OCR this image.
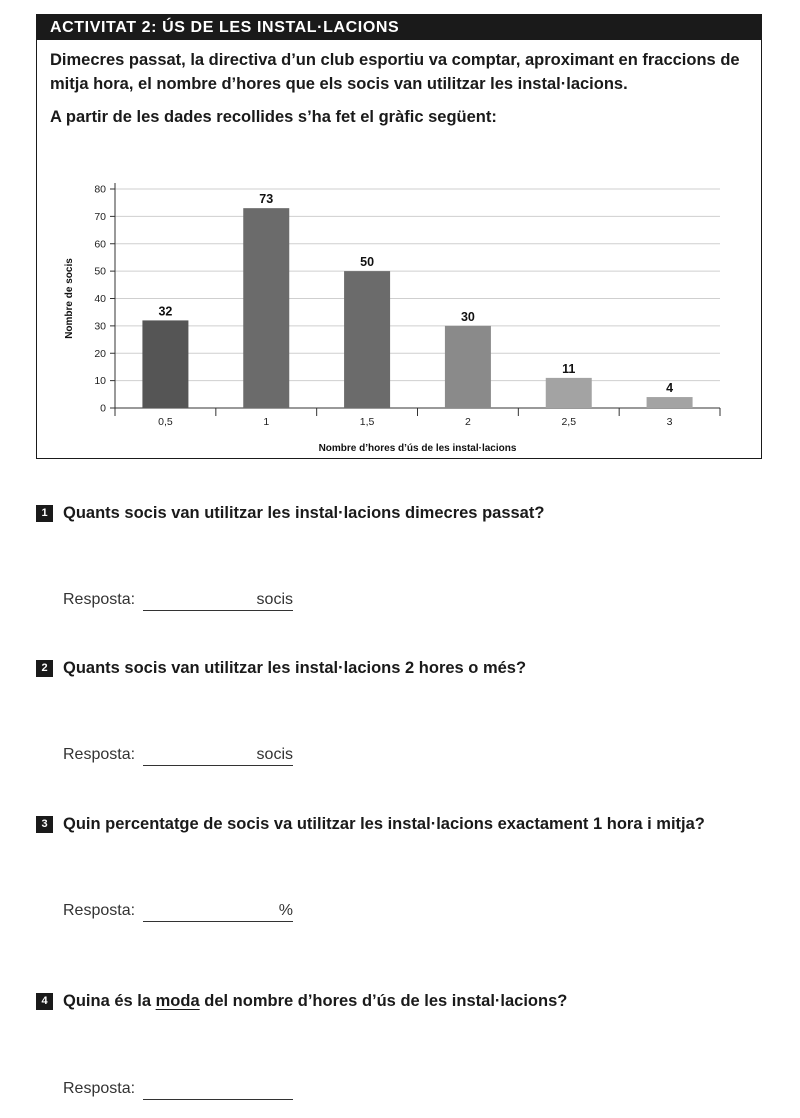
ACTIVITAT 2: ÚS DE LES INSTAL·LACIONS

Dimecres passat, la directiva d’un club esportiu va comptar, aproximant en fraccions de mitja hora, el nombre d’hores que els socis van utilitzar les instal·lacions.

A partir de les dades recollides s’ha fet el gràfic següent:

0
10
20
30
40
50
60
70
80
32
0,5
73
1
50
1,5
30
2
11
2,5
4
3
Nombre d’hores d’ús de les instal·lacions
Nombre de socis
1 Quants socis van utilitzar les instal·lacions dimecres passat?
Resposta:	socis
2 Quants socis van utilitzar les instal·lacions 2 hores o més?
Resposta:	socis
3 Quin percentatge de socis va utilitzar les instal·lacions exactament 1 hora i mitja?
Resposta:	%
4 Quina és la moda del nombre d’hores d’ús de les instal·lacions?
Resposta:
